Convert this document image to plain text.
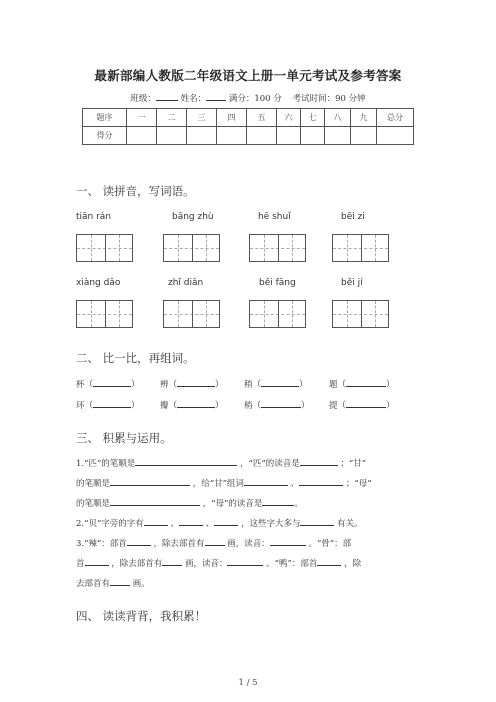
最新部编人教版二年级语文上册一单元考试及参考答案
班级：	姓名：	满分：100 分 考试时间：90 分钟
题序	一	二	三	四	五	六	七	八	九	总分
得分										
一、 读拼音，写词语。
tiān rán	bāng zhù	hē shuǐ	bēi zi
xiàng dǎo	zhǐ diǎn	běi fāng	běi jí
二、 比一比，再组词。
杯（	） 辨（	） 稍（	）	题（	）
环（	） 瓣（	） 梢（	） 提（	）
三、 积累与运用。
1.“匹”的笔顺是	，“匹”的读音是	；“甘”
的笔顺是	，给“甘”组词	、	；“母”
的笔顺是	，“母”的读音是	。
2.“贝”字旁的字有	、	、	，这些字大多与	有关。
3.“辣”：部首	，除去部首有	画，读音：	。“骨”：部
首	，除去部首有	画，读音：	。“鸭”：部首	，除
去部首有	画。
四、 读读背背，我积累！
1 / 5
